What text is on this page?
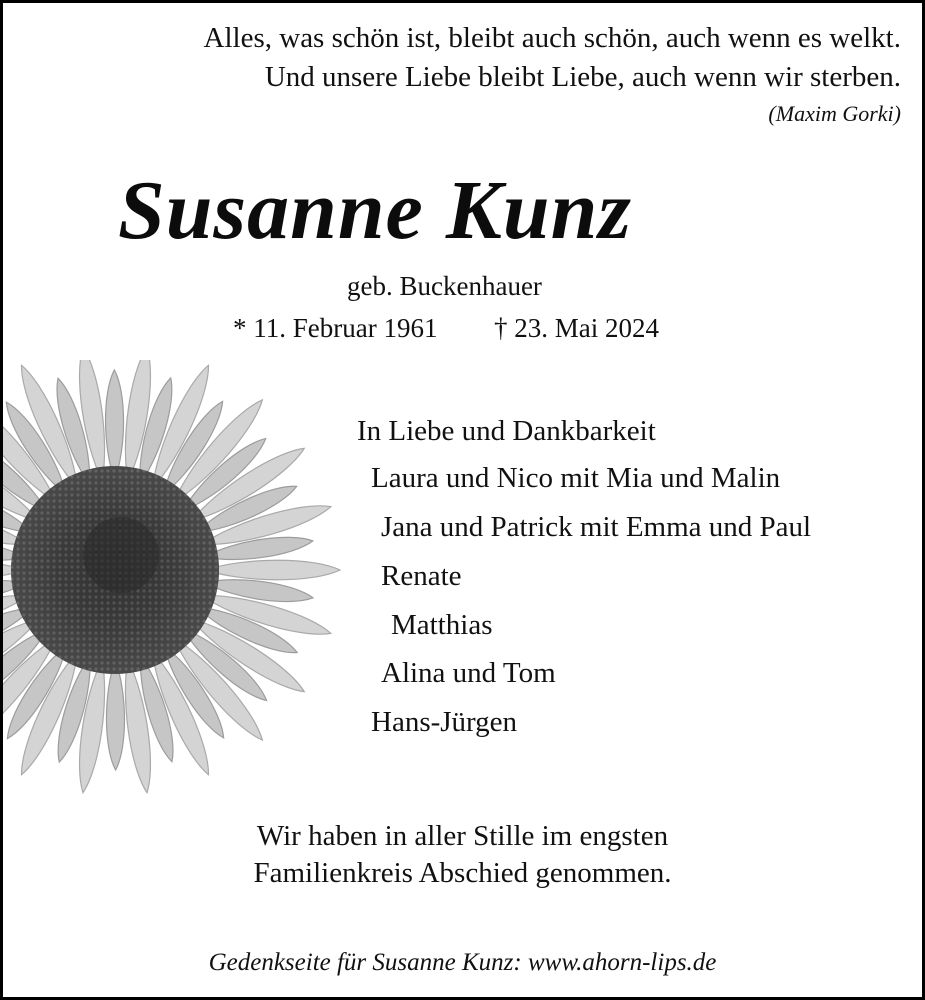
Alles, was schön ist, bleibt auch schön, auch wenn es welkt.
Und unsere Liebe bleibt Liebe, auch wenn wir sterben.
(Maxim Gorki)
Susanne Kunz
geb. Buckenhauer
* 11. Februar 1961 † 23. Mai 2024
In Liebe und Dankbarkeit
Laura und Nico mit Mia und Malin
Jana und Patrick mit Emma und Paul
Renate
Matthias
Alina und Tom
Hans-Jürgen
Wir haben in aller Stille im engsten
Familienkreis Abschied genommen.
Gedenkseite für Susanne Kunz: www.ahorn-lips.de
